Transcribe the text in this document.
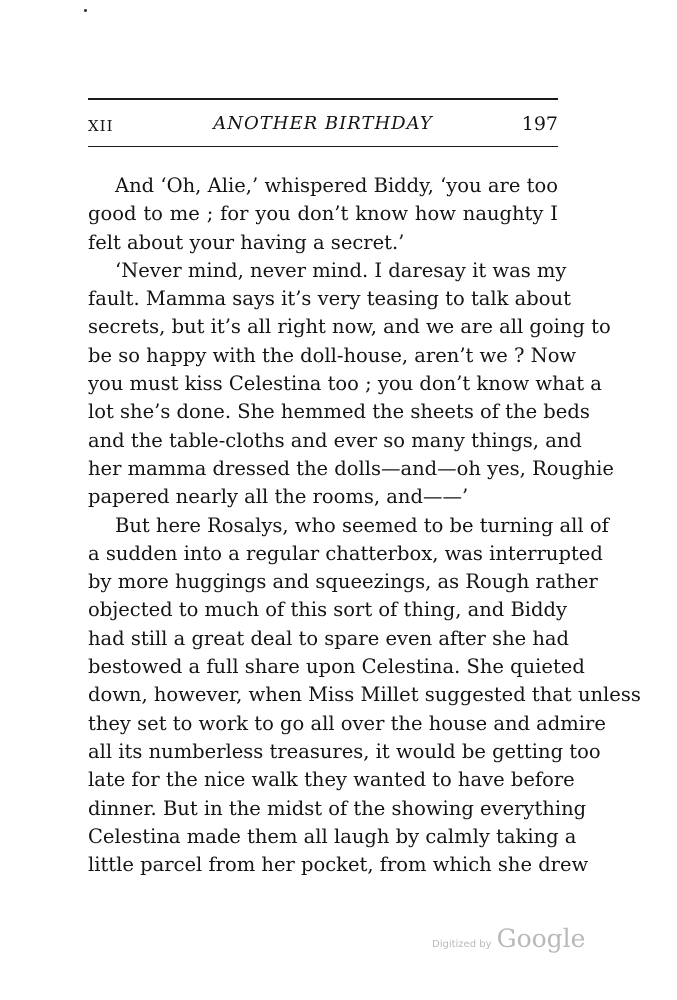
XII	ANOTHER BIRTHDAY	197
And ‘Oh, Alie,’ whispered Biddy, ‘you are too
good to me ; for you don’t know how naughty I
felt about your having a secret.’
‘Never mind, never mind. I daresay it was my
fault. Mamma says it’s very teasing to talk about
secrets, but it’s all right now, and we are all going to
be so happy with the doll-house, aren’t we ? Now
you must kiss Celestina too ; you don’t know what a
lot she’s done. She hemmed the sheets of the beds
and the table-cloths and ever so many things, and
her mamma dressed the dolls—and—oh yes, Roughie
papered nearly all the rooms, and——’
But here Rosalys, who seemed to be turning all of
a sudden into a regular chatterbox, was interrupted
by more huggings and squeezings, as Rough rather
objected to much of this sort of thing, and Biddy
had still a great deal to spare even after she had
bestowed a full share upon Celestina. She quieted
down, however, when Miss Millet suggested that unless
they set to work to go all over the house and admire
all its numberless treasures, it would be getting too
late for the nice walk they wanted to have before
dinner. But in the midst of the showing everything
Celestina made them all laugh by calmly taking a
little parcel from her pocket, from which she drew
Digitized by Google
